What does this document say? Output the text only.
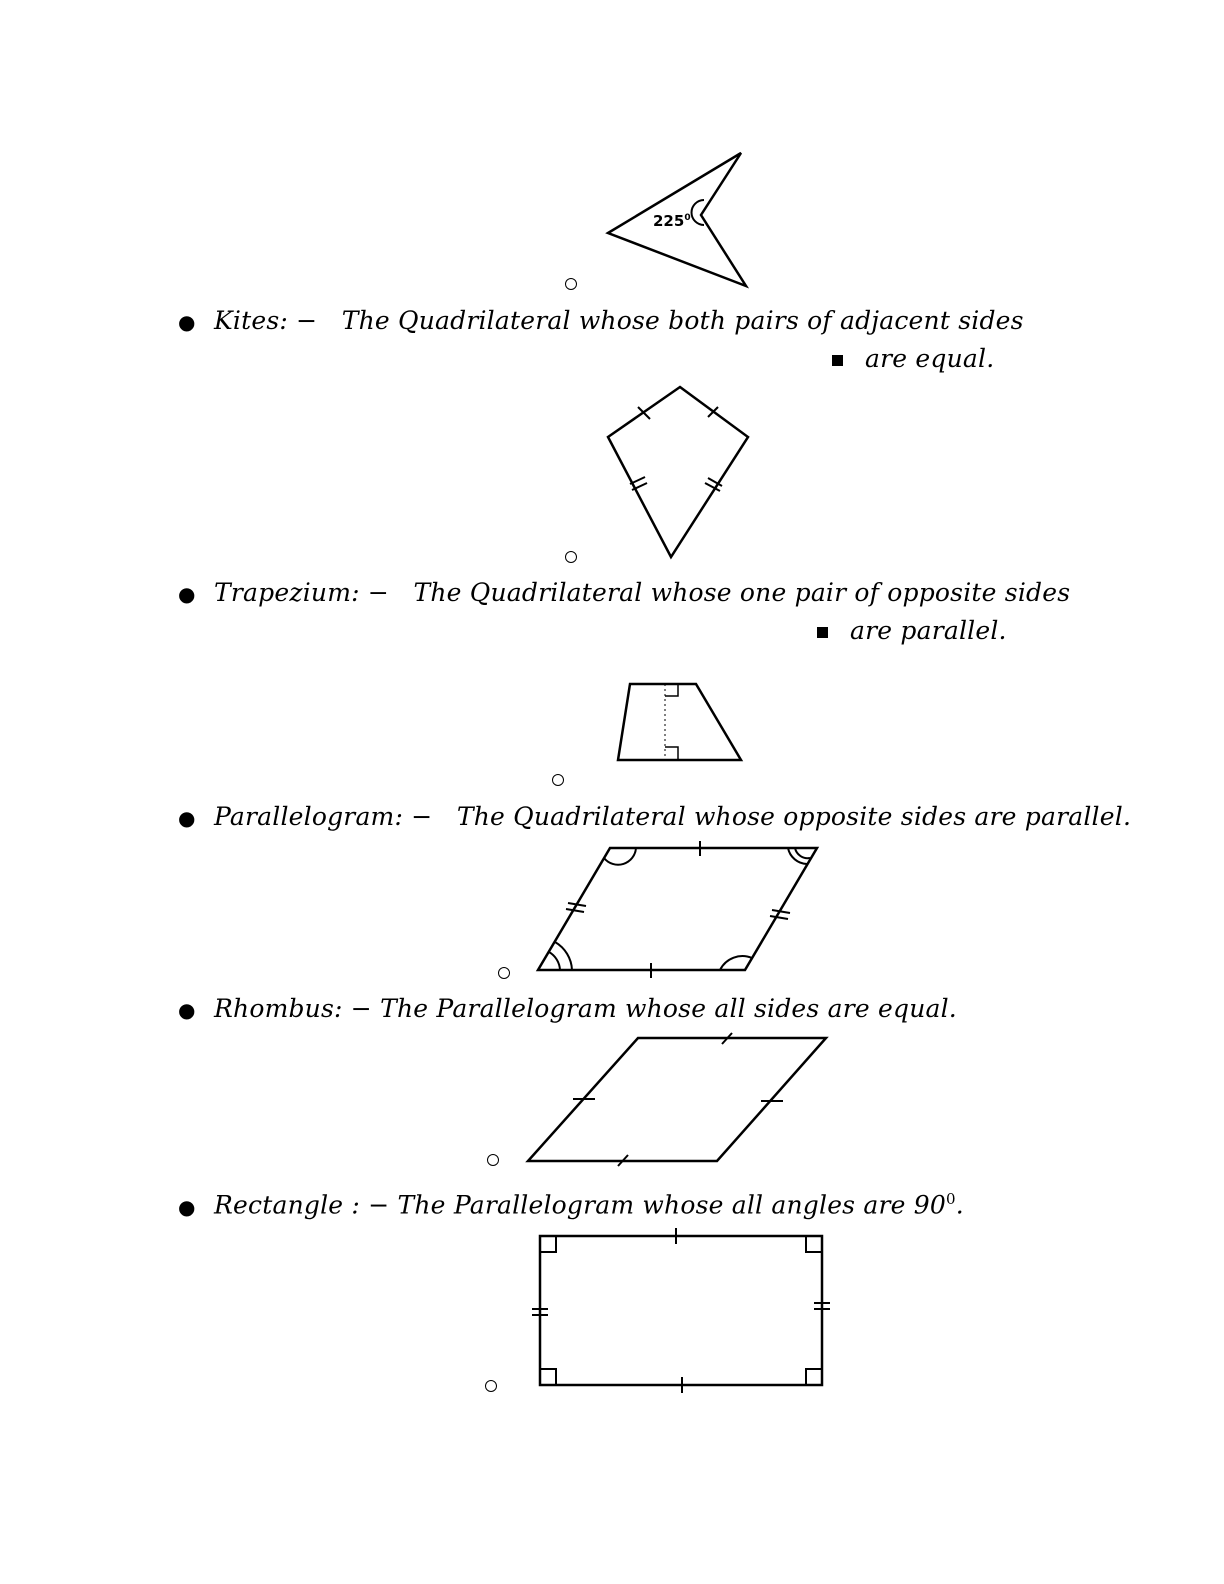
$225^0$
● Kites: − The Quadrilateral whose both pairs of adjacent sides
are equal.
● Trapezium: − The Quadrilateral whose one pair of opposite sides
are parallel.
● Parallelogram: − The Quadrilateral whose opposite sides are parallel.
● Rhombus: − The Parallelogram whose all sides are equal.
● Rectangle : − The Parallelogram whose all angles are $90^0$.
